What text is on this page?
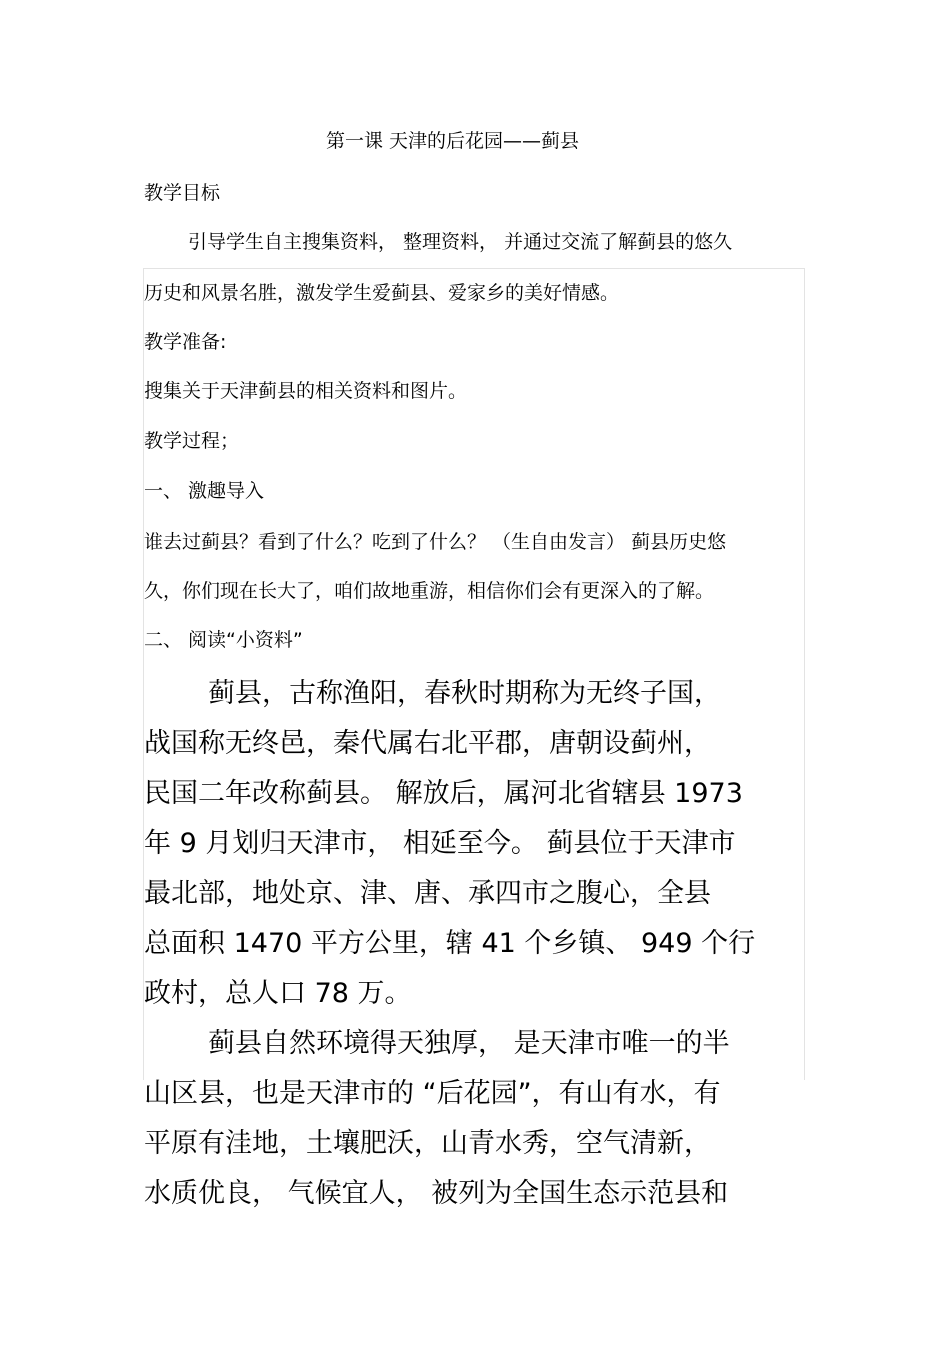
第一课 天津的后花园——蓟县
教学目标
引导学生自主搜集资料， 整理资料， 并通过交流了解蓟县的悠久
历史和风景名胜，激发学生爱蓟县、爱家乡的美好情感。
教学准备:
搜集关于天津蓟县的相关资料和图片。
教学过程；
一、 激趣导入
谁去过蓟县？看到了什么？吃到了什么？ （生自由发言） 蓟县历史悠
久，你们现在长大了，咱们故地重游，相信你们会有更深入的了解。
二、 阅读“小资料”
蓟县，古称渔阳，春秋时期称为无终子国，
战国称无终邑，秦代属右北平郡，唐朝设蓟州，
民国二年改称蓟县。 解放后，属河北省辖县 1973
年 9 月划归天津市， 相延至今。 蓟县位于天津市
最北部，地处京、津、唐、承四市之腹心，全县
总面积 1470 平方公里，辖 41 个乡镇、 949 个行
政村，总人口 78 万。
蓟县自然环境得天独厚， 是天津市唯一的半
山区县，也是天津市的 “后花园”，有山有水，有
平原有洼地，土壤肥沃，山青水秀，空气清新，
水质优良， 气候宜人， 被列为全国生态示范县和
